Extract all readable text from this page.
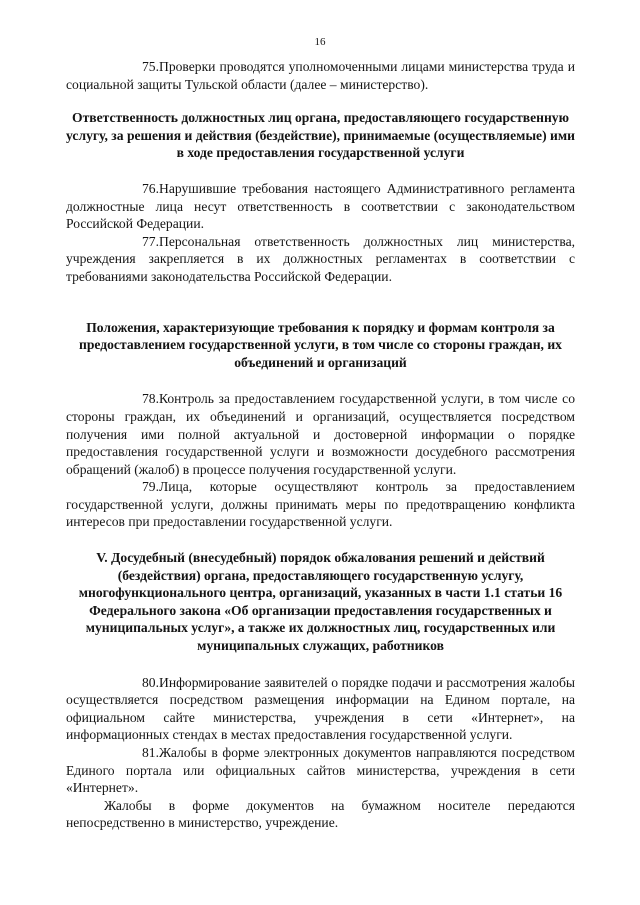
16

75.Проверки проводятся уполномоченными лицами министерства труда и социальной защиты Тульской области (далее – министерство).

Ответственность должностных лиц органа, предоставляющего государственную услугу, за решения и действия (бездействие), принимаемые (осуществляемые) ими в ходе предоставления государственной услуги

76.Нарушившие требования настоящего Административного регламента должностные лица несут ответственность в соответствии с законодательством Российской Федерации.

77.Персональная ответственность должностных лиц министерства, учреждения закрепляется в их должностных регламентах в соответствии с требованиями законодательства Российской Федерации.

Положения, характеризующие требования к порядку и формам контроля за предоставлением государственной услуги, в том числе со стороны граждан, их объединений и организаций

78.Контроль за предоставлением государственной услуги, в том числе со стороны граждан, их объединений и организаций, осуществляется посредством получения ими полной актуальной и достоверной информации о порядке предоставления государственной услуги и возможности досудебного рассмотрения обращений (жалоб) в процессе получения государственной услуги.

79.Лица, которые осуществляют контроль за предоставлением государственной услуги, должны принимать меры по предотвращению конфликта интересов при предоставлении государственной услуги.

V. Досудебный (внесудебный) порядок обжалования решений и действий (бездействия) органа, предоставляющего государственную услугу, многофункционального центра, организаций, указанных в части 1.1 статьи 16 Федерального закона «Об организации предоставления государственных и муниципальных услуг», а также их должностных лиц, государственных или муниципальных служащих, работников

80.Информирование заявителей о порядке подачи и рассмотрения жалобы осуществляется посредством размещения информации на Едином портале, на официальном сайте министерства, учреждения в сети «Интернет», на информационных стендах в местах предоставления государственной услуги.

81.Жалобы в форме электронных документов направляются посредством Единого портала или официальных сайтов министерства, учреждения в сети «Интернет».

Жалобы в форме документов на бумажном носителе передаются непосредственно в министерство, учреждение.
